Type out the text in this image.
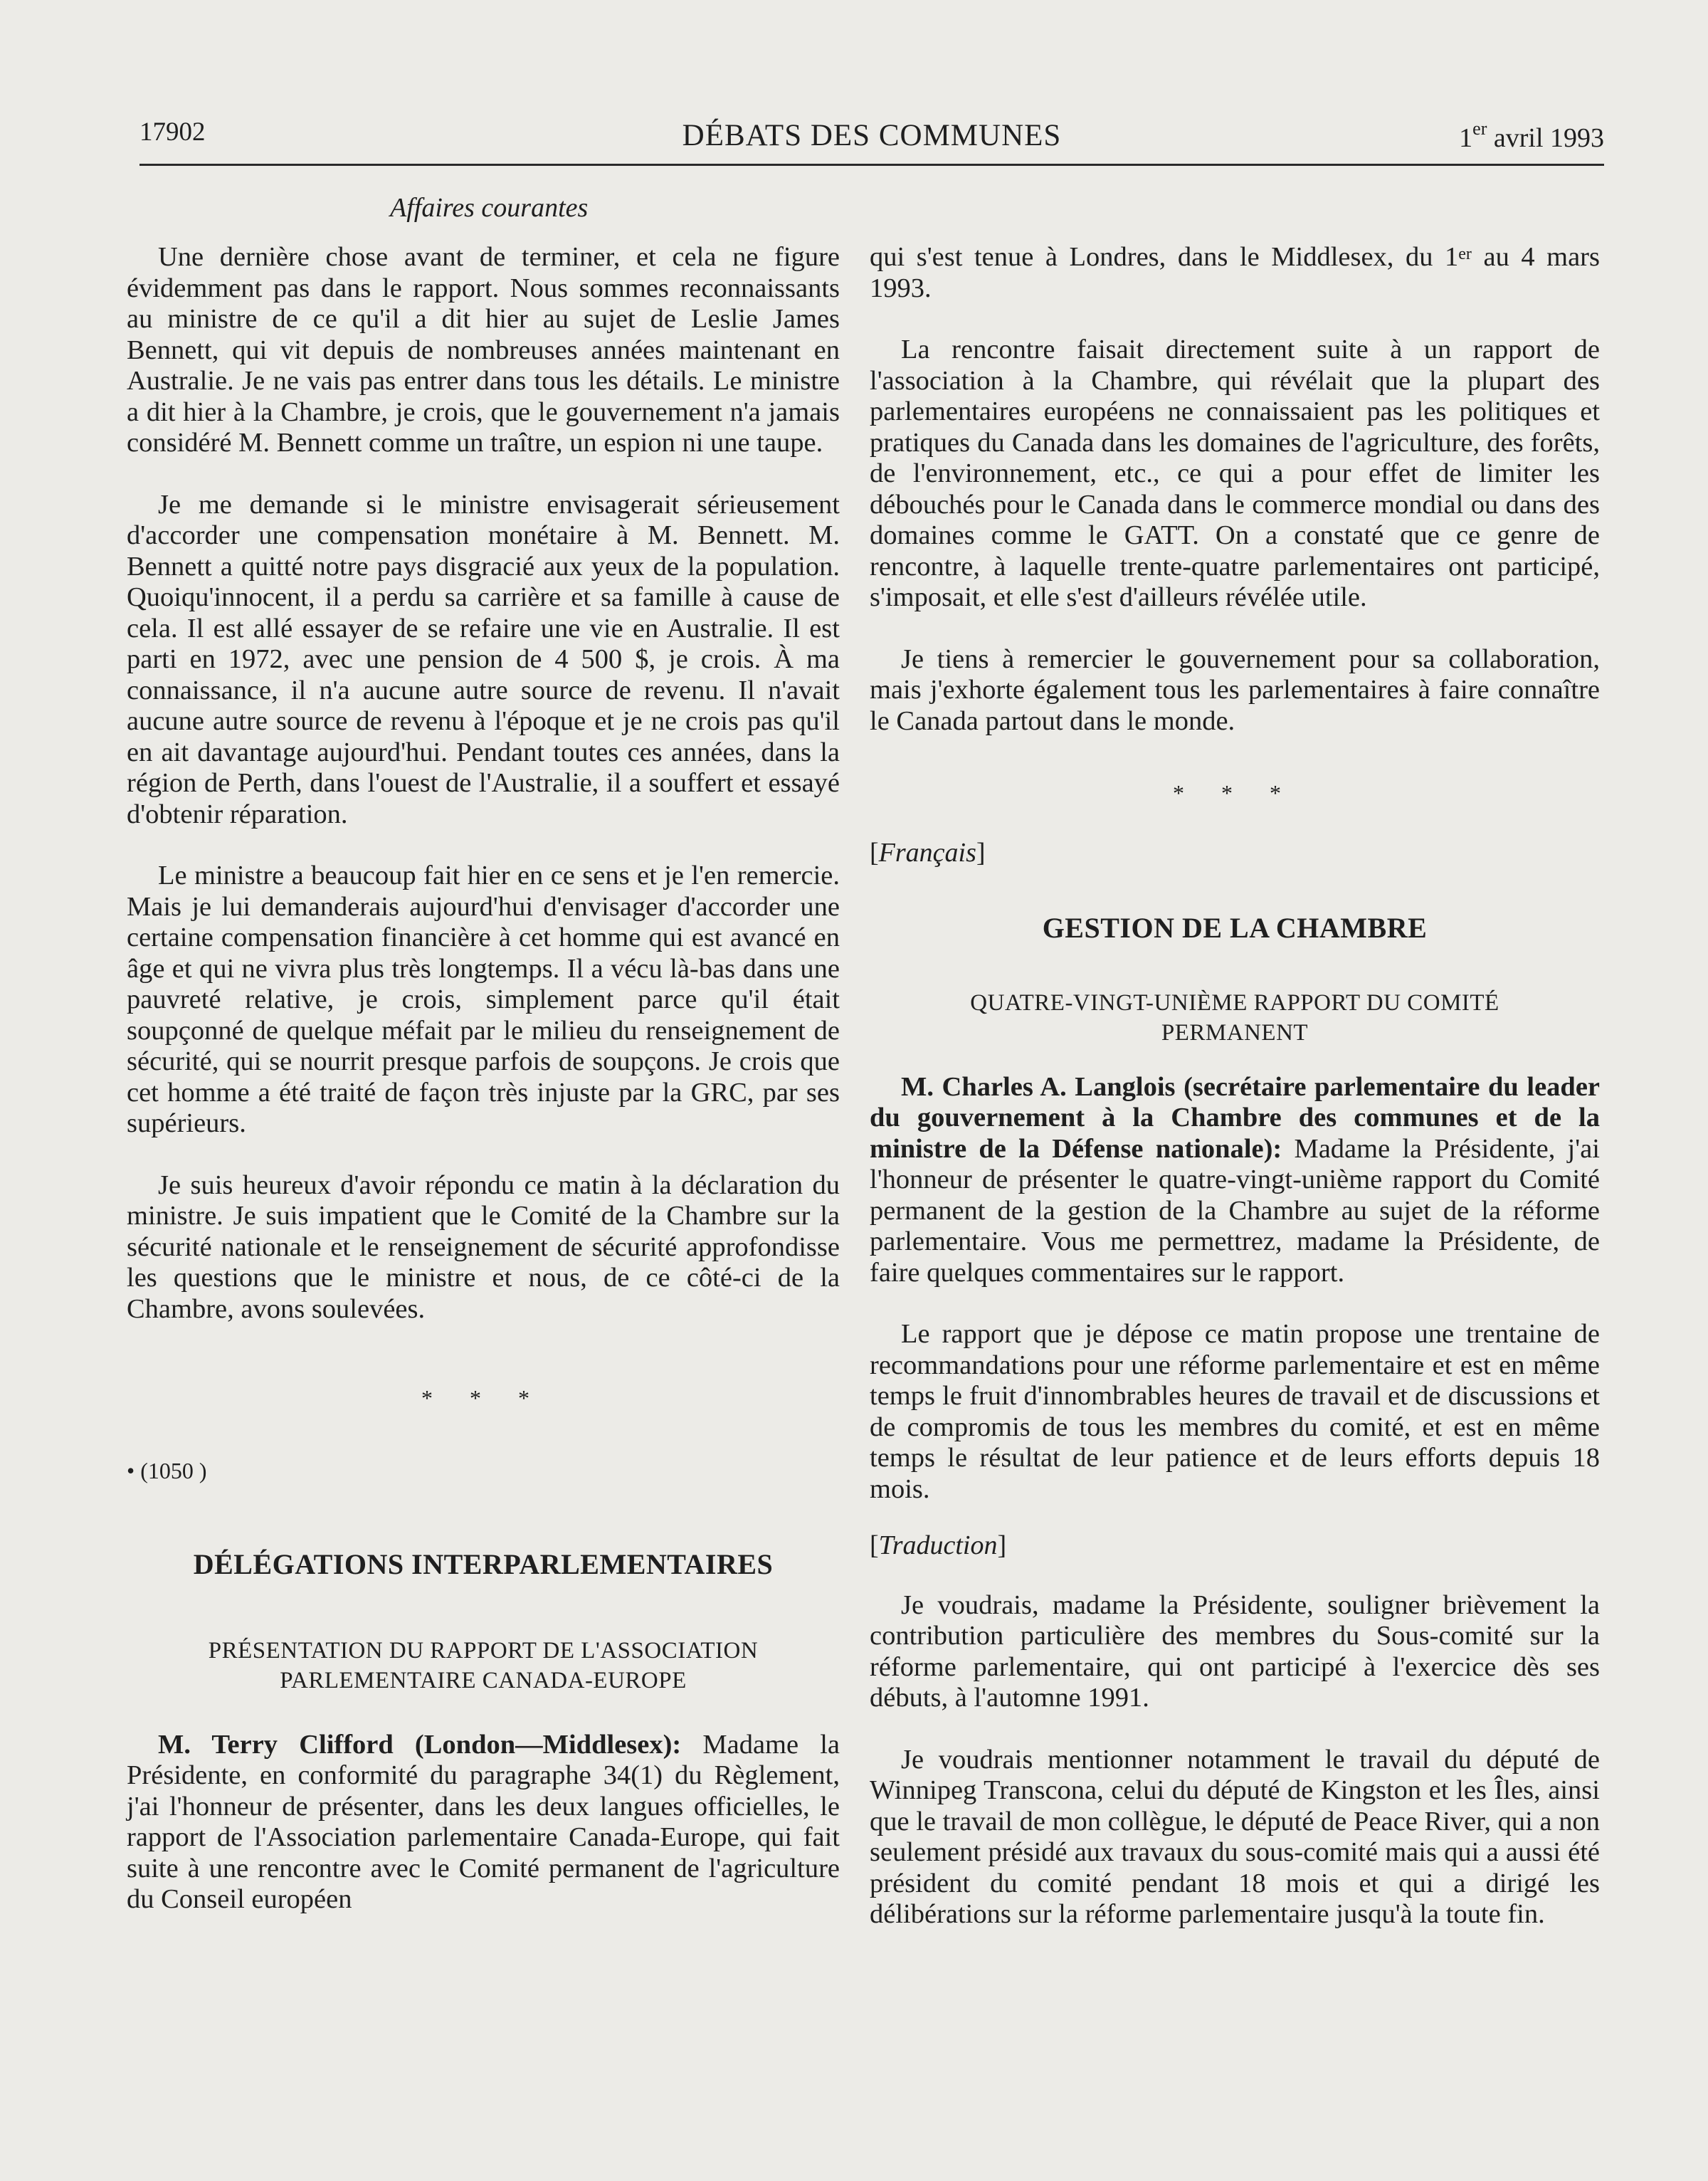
17902	DÉBATS DES COMMUNES	1er avril 1993
Affaires courantes

Une dernière chose avant de terminer, et cela ne figure évidemment pas dans le rapport. Nous sommes reconnaissants au ministre de ce qu'il a dit hier au sujet de Leslie James Bennett, qui vit depuis de nombreuses années maintenant en Australie. Je ne vais pas entrer dans tous les détails. Le ministre a dit hier à la Chambre, je crois, que le gouvernement n'a jamais considéré M. Bennett comme un traître, un espion ni une taupe.

Je me demande si le ministre envisagerait sérieusement d'accorder une compensation monétaire à M. Bennett. M. Bennett a quitté notre pays disgracié aux yeux de la population. Quoiqu'innocent, il a perdu sa carrière et sa famille à cause de cela. Il est allé essayer de se refaire une vie en Australie. Il est parti en 1972, avec une pension de 4 500 $, je crois. À ma connaissance, il n'a aucune autre source de revenu. Il n'avait aucune autre source de revenu à l'époque et je ne crois pas qu'il en ait davantage aujourd'hui. Pendant toutes ces années, dans la région de Perth, dans l'ouest de l'Australie, il a souffert et essayé d'obtenir réparation.

Le ministre a beaucoup fait hier en ce sens et je l'en remercie. Mais je lui demanderais aujourd'hui d'envisager d'accorder une certaine compensation financière à cet homme qui est avancé en âge et qui ne vivra plus très longtemps. Il a vécu là-bas dans une pauvreté relative, je crois, simplement parce qu'il était soupçonné de quelque méfait par le milieu du renseignement de sécurité, qui se nourrit presque parfois de soupçons. Je crois que cet homme a été traité de façon très injuste par la GRC, par ses supérieurs.

Je suis heureux d'avoir répondu ce matin à la déclaration du ministre. Je suis impatient que le Comité de la Chambre sur la sécurité nationale et le renseignement de sécurité approfondisse les questions que le ministre et nous, de ce côté-ci de la Chambre, avons soulevées.

* * *
• (1050 )
DÉLÉGATIONS INTERPARLEMENTAIRES
PRÉSENTATION DU RAPPORT DE L'ASSOCIATION
PARLEMENTAIRE CANADA-EUROPE

M. Terry Clifford (London—Middlesex): Madame la Présidente, en conformité du paragraphe 34(1) du Règlement, j'ai l'honneur de présenter, dans les deux langues officielles, le rapport de l'Association parlementaire Canada-Europe, qui fait suite à une rencontre avec le Comité permanent de l'agriculture du Conseil européen

qui s'est tenue à Londres, dans le Middlesex, du 1er au 4 mars 1993.

La rencontre faisait directement suite à un rapport de l'association à la Chambre, qui révélait que la plupart des parlementaires européens ne connaissaient pas les politiques et pratiques du Canada dans les domaines de l'agriculture, des forêts, de l'environnement, etc., ce qui a pour effet de limiter les débouchés pour le Canada dans le commerce mondial ou dans des domaines comme le GATT. On a constaté que ce genre de rencontre, à laquelle trente-quatre parlementaires ont participé, s'imposait, et elle s'est d'ailleurs révélée utile.

Je tiens à remercier le gouvernement pour sa collaboration, mais j'exhorte également tous les parlementaires à faire connaître le Canada partout dans le monde.

* * *
[Français]
GESTION DE LA CHAMBRE
QUATRE-VINGT-UNIÈME RAPPORT DU COMITÉ
PERMANENT

M. Charles A. Langlois (secrétaire parlementaire du leader du gouvernement à la Chambre des communes et de la ministre de la Défense nationale): Madame la Présidente, j'ai l'honneur de présenter le quatre-vingt-unième rapport du Comité permanent de la gestion de la Chambre au sujet de la réforme parlementaire. Vous me permettrez, madame la Présidente, de faire quelques commentaires sur le rapport.

Le rapport que je dépose ce matin propose une trentaine de recommandations pour une réforme parlementaire et est en même temps le fruit d'innombrables heures de travail et de discussions et de compromis de tous les membres du comité, et est en même temps le résultat de leur patience et de leurs efforts depuis 18 mois.

[Traduction]

Je voudrais, madame la Présidente, souligner brièvement la contribution particulière des membres du Sous-comité sur la réforme parlementaire, qui ont participé à l'exercice dès ses débuts, à l'automne 1991.

Je voudrais mentionner notamment le travail du député de Winnipeg Transcona, celui du député de Kingston et les Îles, ainsi que le travail de mon collègue, le député de Peace River, qui a non seulement présidé aux travaux du sous-comité mais qui a aussi été président du comité pendant 18 mois et qui a dirigé les délibérations sur la réforme parlementaire jusqu'à la toute fin.
